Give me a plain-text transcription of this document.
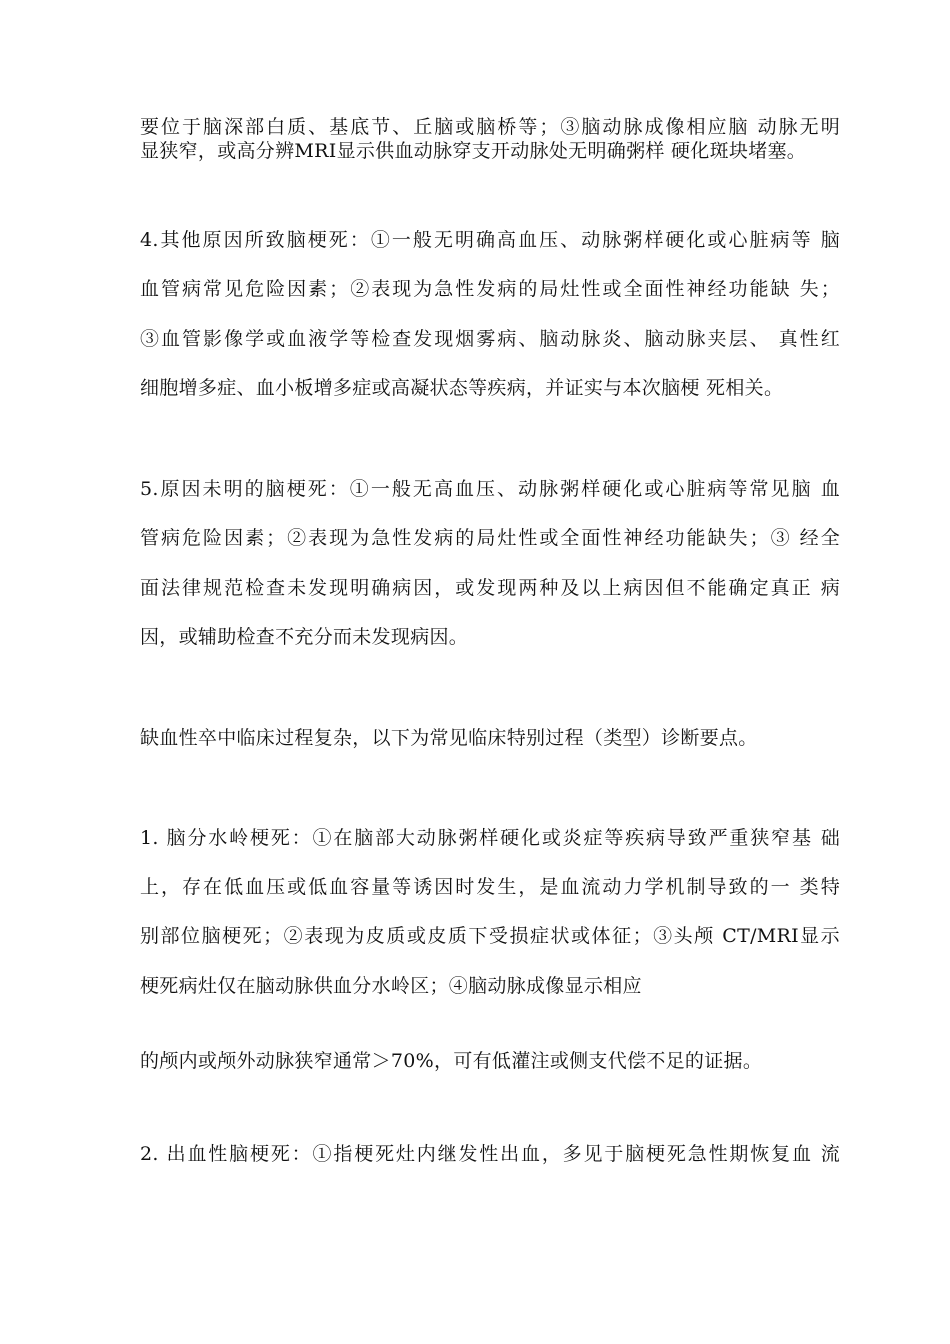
要位于脑深部白质、基底节、丘脑或脑桥等；③脑动脉成像相应脑 动脉无明
显狭窄，或高分辨MRI显示供血动脉穿支开动脉处无明确粥样 硬化斑块堵塞。
4.其他原因所致脑梗死：①一般无明确高血压、动脉粥样硬化或心脏病等 脑
血管病常见危险因素；②表现为急性发病的局灶性或全面性神经功能缺 失；
③血管影像学或血液学等检查发现烟雾病、脑动脉炎、脑动脉夹层、 真性红
细胞增多症、血小板增多症或高凝状态等疾病，并证实与本次脑梗 死相关。
5.原因未明的脑梗死：①一般无高血压、动脉粥样硬化或心脏病等常见脑 血
管病危险因素；②表现为急性发病的局灶性或全面性神经功能缺失；③ 经全
面法律规范检查未发现明确病因，或发现两种及以上病因但不能确定真正 病
因，或辅助检查不充分而未发现病因。
缺血性卒中临床过程复杂，以下为常见临床特别过程（类型）诊断要点。
1. 脑分水岭梗死：①在脑部大动脉粥样硬化或炎症等疾病导致严重狭窄基 础
上，存在低血压或低血容量等诱因时发生，是血流动力学机制导致的一 类特
别部位脑梗死；②表现为皮质或皮质下受损症状或体征；③头颅 CT/MRI显示
梗死病灶仅在脑动脉供血分水岭区；④脑动脉成像显示相应
的颅内或颅外动脉狭窄通常＞70%，可有低灌注或侧支代偿不足的证据。
2. 出血性脑梗死：①指梗死灶内继发性出血，多见于脑梗死急性期恢复血 流
